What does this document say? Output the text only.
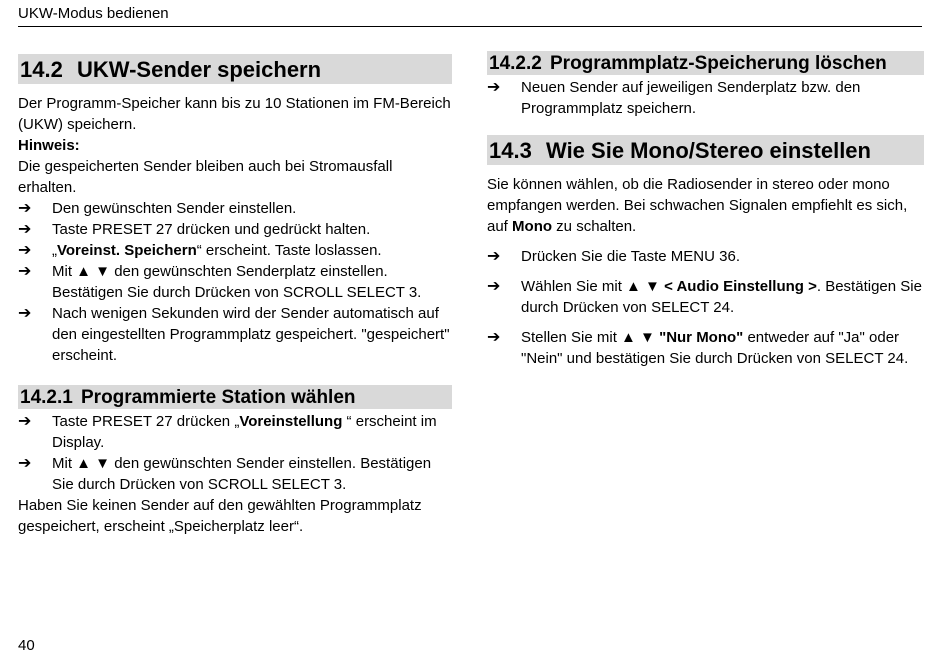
UKW-Modus bedienen
14.2 UKW-Sender speichern

Der Programm-Speicher kann bis zu 10 Stationen im FM-Bereich (UKW) speichern.

Hinweis:

Die gespeicherten Sender bleiben auch bei Stromausfall erhalten.

➔	Den gewünschten Sender einstellen.
➔	Taste PRESET 27 drücken und gedrückt halten.
➔	„Voreinst. Speichern“ erscheint. Taste loslassen.
➔	Mit ▲ ▼ den gewünschten Senderplatz einstellen. Bestätigen Sie durch Drücken von SCROLL SELECT 3.
➔	Nach wenigen Sekunden wird der Sender automatisch auf den eingestellten Programmplatz gespeichert. "gespeichert" erscheint.
14.2.1 Programmierte Station wählen
➔	Taste PRESET 27 drücken „Voreinstellung “ erscheint im Display.
➔	Mit ▲ ▼ den gewünschten Sender einstellen. Bestätigen Sie durch Drücken von SCROLL SELECT 3.

Haben Sie keinen Sender auf den gewählten Programmplatz gespeichert, erscheint „Speicherplatz leer“.

14.2.2 Programmplatz-Speicherung löschen
➔	Neuen Sender auf jeweiligen Senderplatz bzw. den Programmplatz speichern.
14.3 Wie Sie Mono/Stereo einstellen

Sie können wählen, ob die Radiosender in stereo oder mono empfangen werden. Bei schwachen Signalen empfiehlt es sich, auf Mono zu schalten.

➔	Drücken Sie die Taste MENU 36.
➔	Wählen Sie mit ▲ ▼ < Audio Einstellung >. Bestätigen Sie durch Drücken von SELECT 24.
➔	Stellen Sie mit ▲ ▼ "Nur Mono" entweder auf "Ja" oder "Nein" und bestätigen Sie durch Drücken von SELECT 24.
40
